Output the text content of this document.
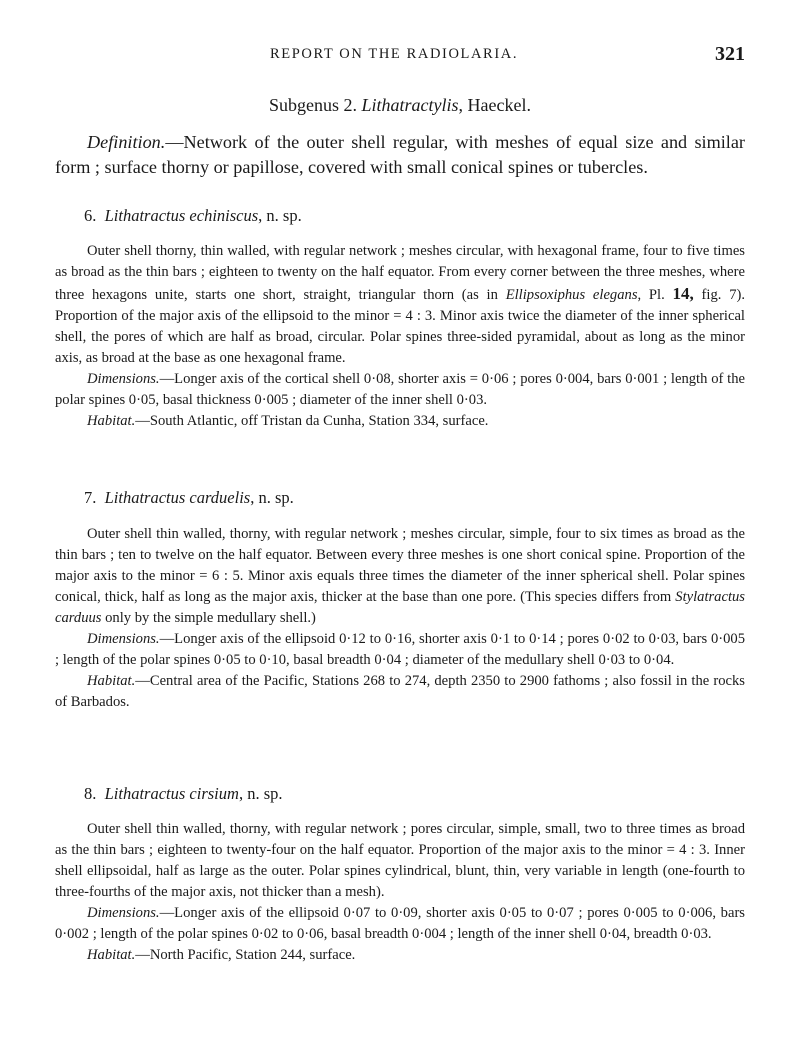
REPORT ON THE RADIOLARIA.	321
Subgenus 2. Lithatractylis, Haeckel.
Definition.—Network of the outer shell regular, with meshes of equal size and similar form ; surface thorny or papillose, covered with small conical spines or tubercles.
6. Lithatractus echiniscus, n. sp.

Outer shell thorny, thin walled, with regular network ; meshes circular, with hexagonal frame, four to five times as broad as the thin bars ; eighteen to twenty on the half equator. From every corner between the three meshes, where three hexagons unite, starts one short, straight, triangular thorn (as in Ellipsoxiphus elegans, Pl. 14, fig. 7). Proportion of the major axis of the ellipsoid to the minor = 4 : 3. Minor axis twice the diameter of the inner spherical shell, the pores of which are half as broad, circular. Polar spines three-sided pyramidal, about as long as the minor axis, as broad at the base as one hexagonal frame.

Dimensions.—Longer axis of the cortical shell 0·08, shorter axis = 0·06 ; pores 0·004, bars 0·001 ; length of the polar spines 0·05, basal thickness 0·005 ; diameter of the inner shell 0·03.

Habitat.—South Atlantic, off Tristan da Cunha, Station 334, surface.

7. Lithatractus carduelis, n. sp.

Outer shell thin walled, thorny, with regular network ; meshes circular, simple, four to six times as broad as the thin bars ; ten to twelve on the half equator. Between every three meshes is one short conical spine. Proportion of the major axis to the minor = 6 : 5. Minor axis equals three times the diameter of the inner spherical shell. Polar spines conical, thick, half as long as the major axis, thicker at the base than one pore. (This species differs from Stylatractus carduus only by the simple medullary shell.)

Dimensions.—Longer axis of the ellipsoid 0·12 to 0·16, shorter axis 0·1 to 0·14 ; pores 0·02 to 0·03, bars 0·005 ; length of the polar spines 0·05 to 0·10, basal breadth 0·04 ; diameter of the medullary shell 0·03 to 0·04.

Habitat.—Central area of the Pacific, Stations 268 to 274, depth 2350 to 2900 fathoms ; also fossil in the rocks of Barbados.

8. Lithatractus cirsium, n. sp.

Outer shell thin walled, thorny, with regular network ; pores circular, simple, small, two to three times as broad as the thin bars ; eighteen to twenty-four on the half equator. Proportion of the major axis to the minor = 4 : 3. Inner shell ellipsoidal, half as large as the outer. Polar spines cylindrical, blunt, thin, very variable in length (one-fourth to three-fourths of the major axis, not thicker than a mesh).

Dimensions.—Longer axis of the ellipsoid 0·07 to 0·09, shorter axis 0·05 to 0·07 ; pores 0·005 to 0·006, bars 0·002 ; length of the polar spines 0·02 to 0·06, basal breadth 0·004 ; length of the inner shell 0·04, breadth 0·03.

Habitat.—North Pacific, Station 244, surface.
